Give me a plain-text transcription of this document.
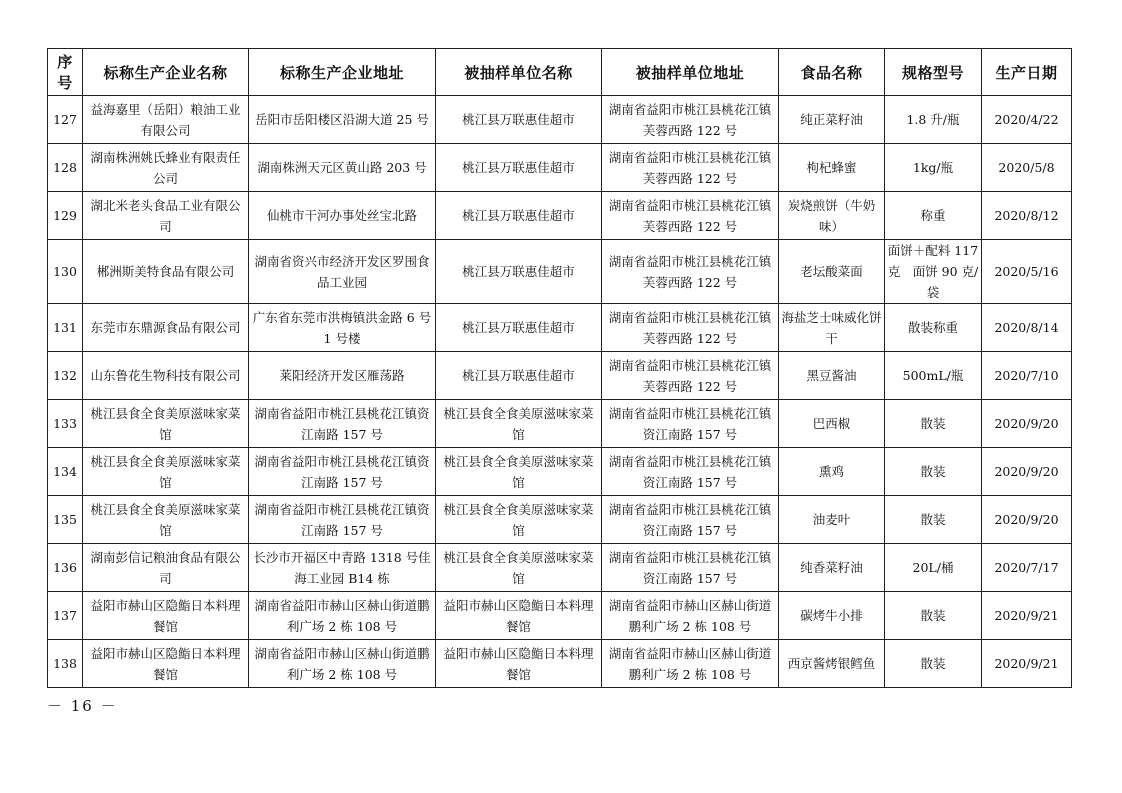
序号	标称生产企业名称	标称生产企业地址	被抽样单位名称	被抽样单位地址	食品名称	规格型号	生产日期
127	益海嘉里（岳阳）粮油工业有限公司	岳阳市岳阳楼区沿湖大道 25 号	桃江县万联惠佳超市	湖南省益阳市桃江县桃花江镇芙蓉西路 122 号	纯正菜籽油	1.8 升/瓶	2020/4/22
128	湖南株洲姚氏蜂业有限责任公司	湖南株洲天元区黄山路 203 号	桃江县万联惠佳超市	湖南省益阳市桃江县桃花江镇芙蓉西路 122 号	枸杞蜂蜜	1kg/瓶	2020/5/8
129	湖北米老头食品工业有限公司	仙桃市干河办事处丝宝北路	桃江县万联惠佳超市	湖南省益阳市桃江县桃花江镇芙蓉西路 122 号	炭烧煎饼（牛奶味）	称重	2020/8/12
130	郴洲斯美特食品有限公司	湖南省资兴市经济开发区罗围食品工业园	桃江县万联惠佳超市	湖南省益阳市桃江县桃花江镇芙蓉西路 122 号	老坛酸菜面	面饼＋配料 117 克　面饼 90 克/袋	2020/5/16
131	东莞市东鼎源食品有限公司	广东省东莞市洪梅镇洪金路 6 号 1 号楼	桃江县万联惠佳超市	湖南省益阳市桃江县桃花江镇芙蓉西路 122 号	海盐芝士味威化饼干	散装称重	2020/8/14
132	山东鲁花生物科技有限公司	莱阳经济开发区雁荡路	桃江县万联惠佳超市	湖南省益阳市桃江县桃花江镇芙蓉西路 122 号	黑豆酱油	500mL/瓶	2020/7/10
133	桃江县食全食美原滋味家菜馆	湖南省益阳市桃江县桃花江镇资江南路 157 号	桃江县食全食美原滋味家菜馆	湖南省益阳市桃江县桃花江镇资江南路 157 号	巴西椒	散装	2020/9/20
134	桃江县食全食美原滋味家菜馆	湖南省益阳市桃江县桃花江镇资江南路 157 号	桃江县食全食美原滋味家菜馆	湖南省益阳市桃江县桃花江镇资江南路 157 号	熏鸡	散装	2020/9/20
135	桃江县食全食美原滋味家菜馆	湖南省益阳市桃江县桃花江镇资江南路 157 号	桃江县食全食美原滋味家菜馆	湖南省益阳市桃江县桃花江镇资江南路 157 号	油麦叶	散装	2020/9/20
136	湖南彭信记粮油食品有限公司	长沙市开福区中青路 1318 号佳海工业园 B14 栋	桃江县食全食美原滋味家菜馆	湖南省益阳市桃江县桃花江镇资江南路 157 号	纯香菜籽油	20L/桶	2020/7/17
137	益阳市赫山区隐鮨日本料理餐馆	湖南省益阳市赫山区赫山街道鹏利广场 2 栋 108 号	益阳市赫山区隐鮨日本料理餐馆	湖南省益阳市赫山区赫山街道鹏利广场 2 栋 108 号	碳烤牛小排	散装	2020/9/21
138	益阳市赫山区隐鮨日本料理餐馆	湖南省益阳市赫山区赫山街道鹏利广场 2 栋 108 号	益阳市赫山区隐鮨日本料理餐馆	湖南省益阳市赫山区赫山街道鹏利广场 2 栋 108 号	西京酱烤银鳕鱼	散装	2020/9/21
－ 16 －
